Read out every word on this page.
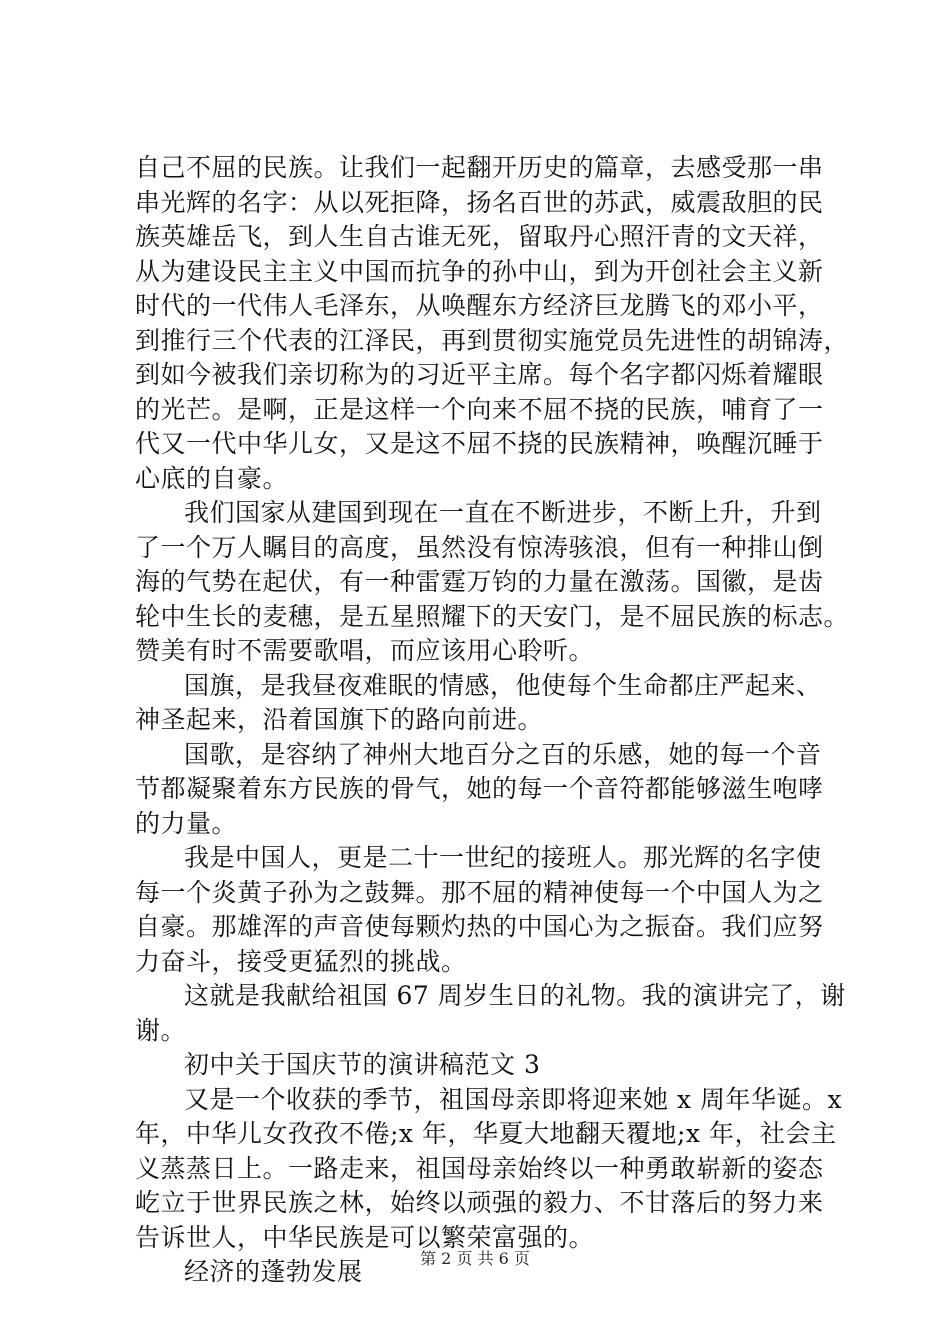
自己不屈的民族。让我们一起翻开历史的篇章，去感受那一串
串光辉的名字：从以死拒降，扬名百世的苏武，威震敌胆的民
族英雄岳飞，到人生自古谁无死，留取丹心照汗青的文天祥，
从为建设民主主义中国而抗争的孙中山，到为开创社会主义新
时代的一代伟人毛泽东，从唤醒东方经济巨龙腾飞的邓小平，
到推行三个代表的江泽民，再到贯彻实施党员先进性的胡锦涛，
到如今被我们亲切称为的习近平主席。每个名字都闪烁着耀眼
的光芒。是啊，正是这样一个向来不屈不挠的民族，哺育了一
代又一代中华儿女，又是这不屈不挠的民族精神，唤醒沉睡于
心底的自豪。
我们国家从建国到现在一直在不断进步，不断上升，升到
了一个万人瞩目的高度，虽然没有惊涛骇浪，但有一种排山倒
海的气势在起伏，有一种雷霆万钧的力量在激荡。国徽，是齿
轮中生长的麦穗，是五星照耀下的天安门，是不屈民族的标志。
赞美有时不需要歌唱，而应该用心聆听。
国旗，是我昼夜难眠的情感，他使每个生命都庄严起来、
神圣起来，沿着国旗下的路向前进。
国歌，是容纳了神州大地百分之百的乐感，她的每一个音
节都凝聚着东方民族的骨气，她的每一个音符都能够滋生咆哮
的力量。
我是中国人，更是二十一世纪的接班人。那光辉的名字使
每一个炎黄子孙为之鼓舞。那不屈的精神使每一个中国人为之
自豪。那雄浑的声音使每颗灼热的中国心为之振奋。我们应努
力奋斗，接受更猛烈的挑战。
这就是我献给祖国 67 周岁生日的礼物。我的演讲完了，谢
谢。
初中关于国庆节的演讲稿范文 3
又是一个收获的季节，祖国母亲即将迎来她 x 周年华诞。x
年，中华儿女孜孜不倦;x 年，华夏大地翻天覆地;x 年，社会主
义蒸蒸日上。一路走来，祖国母亲始终以一种勇敢崭新的姿态
屹立于世界民族之林，始终以顽强的毅力、不甘落后的努力来
告诉世人，中华民族是可以繁荣富强的。
经济的蓬勃发展	第 2 页 共 6 页
